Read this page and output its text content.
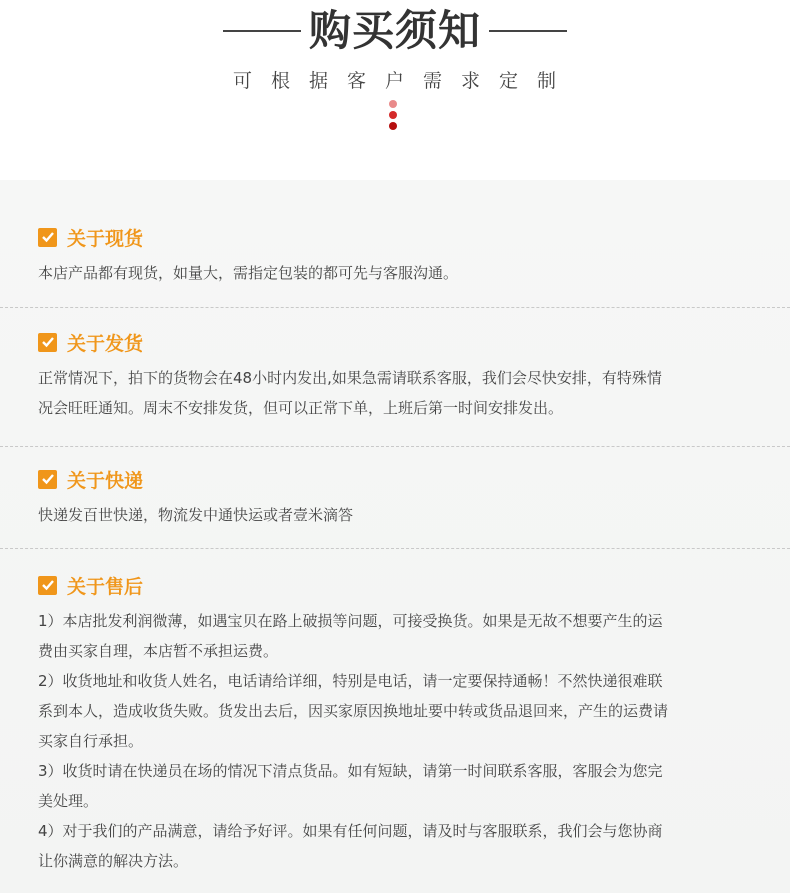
购买须知
可根据客户需求定制
关于现货
本店产品都有现货，如量大，需指定包装的都可先与客服沟通。
关于发货
正常情况下，拍下的货物会在48小时内发出,如果急需请联系客服，我们会尽快安排，有特殊情
况会旺旺通知。周末不安排发货，但可以正常下单，上班后第一时间安排发出。
关于快递
快递发百世快递，物流发中通快运或者壹米滴答
关于售后
1）本店批发利润微薄，如遇宝贝在路上破损等问题，可接受换货。如果是无故不想要产生的运
费由买家自理，本店暂不承担运费。
2）收货地址和收货人姓名，电话请给详细，特别是电话，请一定要保持通畅！不然快递很难联
系到本人，造成收货失败。货发出去后，因买家原因换地址要中转或货品退回来，产生的运费请
买家自行承担。
3）收货时请在快递员在场的情况下清点货品。如有短缺，请第一时间联系客服，客服会为您完
美处理。
4）对于我们的产品满意，请给予好评。如果有任何问题，请及时与客服联系，我们会与您协商
让你满意的解决方法。
